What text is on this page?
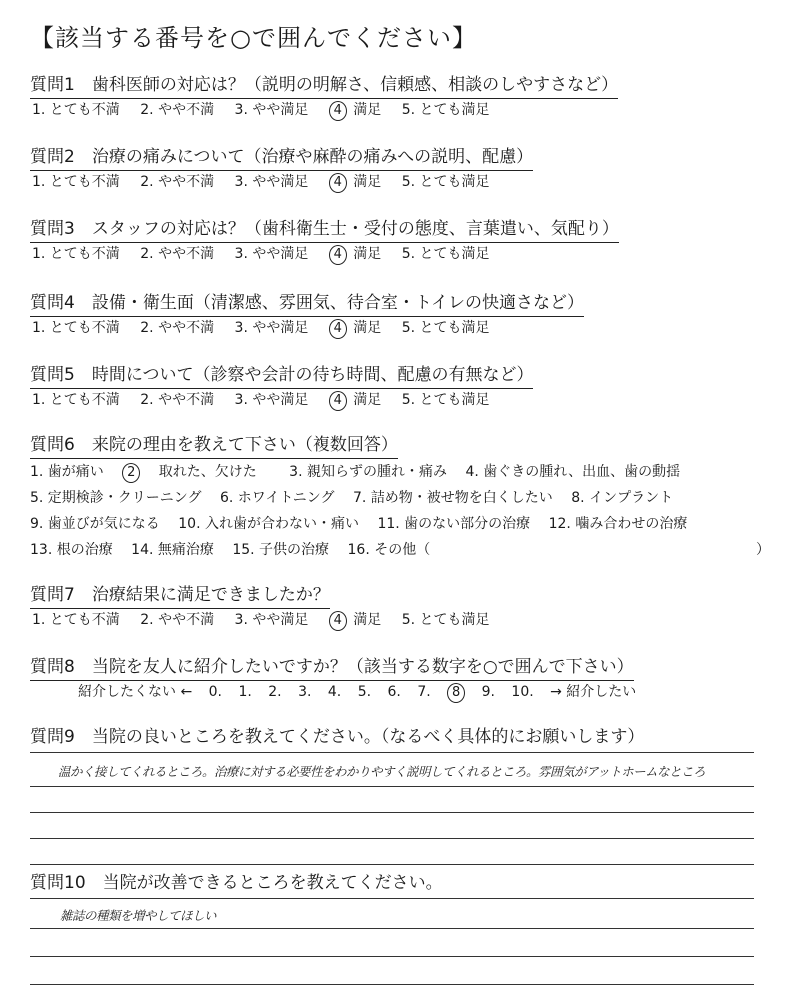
【該当する番号を○で囲んでください】
質問1　歯科医師の対応は？（説明の明解さ、信頼感、相談のしやすさなど）
1. とても不満 2. やや不満 3. やや満足 4 満足 5. とても満足
質問2　治療の痛みについて（治療や麻酔の痛みへの説明、配慮）
1. とても不満 2. やや不満 3. やや満足 4 満足 5. とても満足
質問3　スタッフの対応は？（歯科衛生士・受付の態度、言葉遣い、気配り）
1. とても不満 2. やや不満 3. やや満足 4 満足 5. とても満足
質問4　設備・衛生面（清潔感、雰囲気、待合室・トイレの快適さなど）
1. とても不満 2. やや不満 3. やや満足 4 満足 5. とても満足
質問5　時間について（診察や会計の待ち時間、配慮の有無など）
1. とても不満 2. やや不満 3. やや満足 4 満足 5. とても満足
質問6　来院の理由を教えて下さい（複数回答）
1. 歯が痛い 2 取れた、欠けた 3. 親知らずの腫れ・痛み 4. 歯ぐきの腫れ、出血、歯の動揺
5. 定期検診・クリーニング 6. ホワイトニング 7. 詰め物・被せ物を白くしたい 8. インプラント
9. 歯並びが気になる 10. 入れ歯が合わない・痛い 11. 歯のない部分の治療 12. 噛み合わせの治療
13. 根の治療 14. 無痛治療 15. 子供の治療 16. その他（	）
質問7　治療結果に満足できましたか？
1. とても不満 2. やや不満 3. やや満足 4 満足 5. とても満足
質問8　当院を友人に紹介したいですか？（該当する数字を○で囲んで下さい）
紹介したくない ← 0. 1. 2. 3. 4. 5. 6. 7. 8 9. 10. → 紹介したい
質問9　当院の良いところを教えてください。（なるべく具体的にお願いします）
温かく接してくれるところ。治療に対する必要性をわかりやすく説明してくれるところ。雰囲気がアットホームなところ
質問10　当院が改善できるところを教えてください。
雑誌の種類を増やしてほしい
